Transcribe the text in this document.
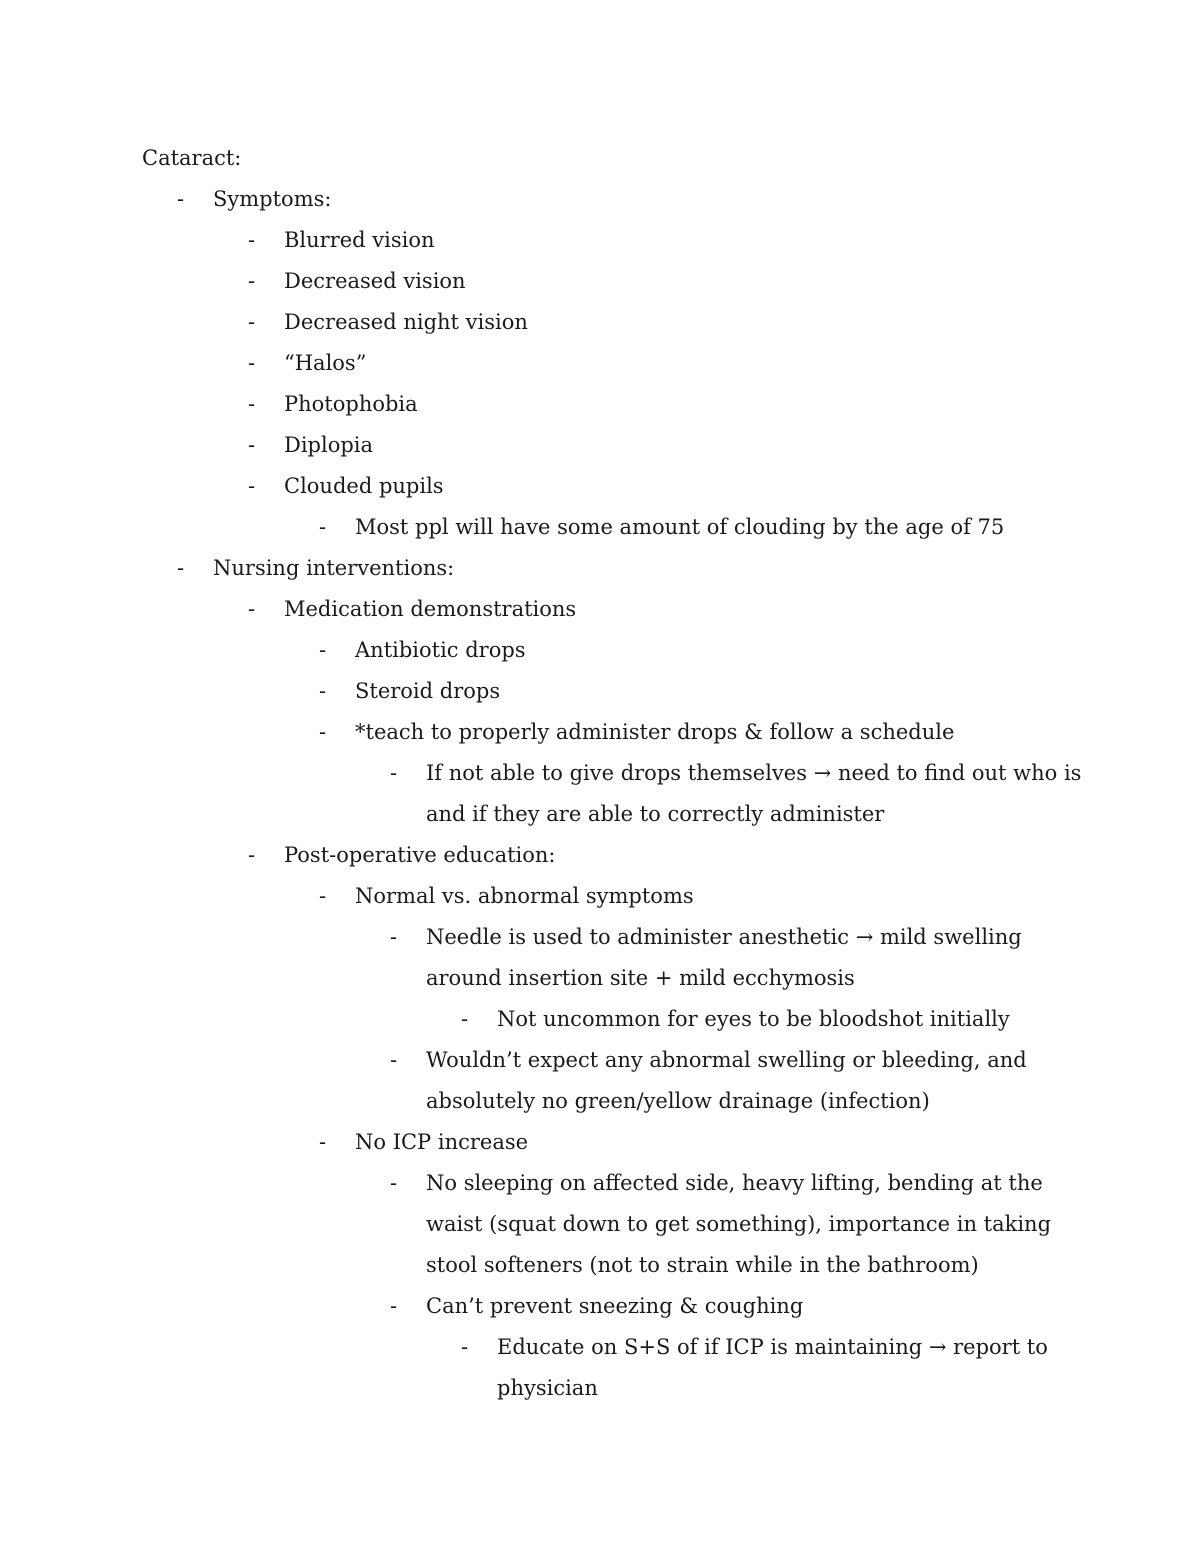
Cataract:
- Symptoms:
- Blurred vision
- Decreased vision
- Decreased night vision
- “Halos”
- Photophobia
- Diplopia
- Clouded pupils
- Most ppl will have some amount of clouding by the age of 75
- Nursing interventions:
- Medication demonstrations
- Antibiotic drops
- Steroid drops
- *teach to properly administer drops & follow a schedule
- If not able to give drops themselves → need to find out who is
and if they are able to correctly administer
- Post-operative education:
- Normal vs. abnormal symptoms
- Needle is used to administer anesthetic → mild swelling
around insertion site + mild ecchymosis
- Not uncommon for eyes to be bloodshot initially
- Wouldn’t expect any abnormal swelling or bleeding, and
absolutely no green/yellow drainage (infection)
- No ICP increase
- No sleeping on affected side, heavy lifting, bending at the
waist (squat down to get something), importance in taking
stool softeners (not to strain while in the bathroom)
- Can’t prevent sneezing & coughing
- Educate on S+S of if ICP is maintaining → report to
physician
